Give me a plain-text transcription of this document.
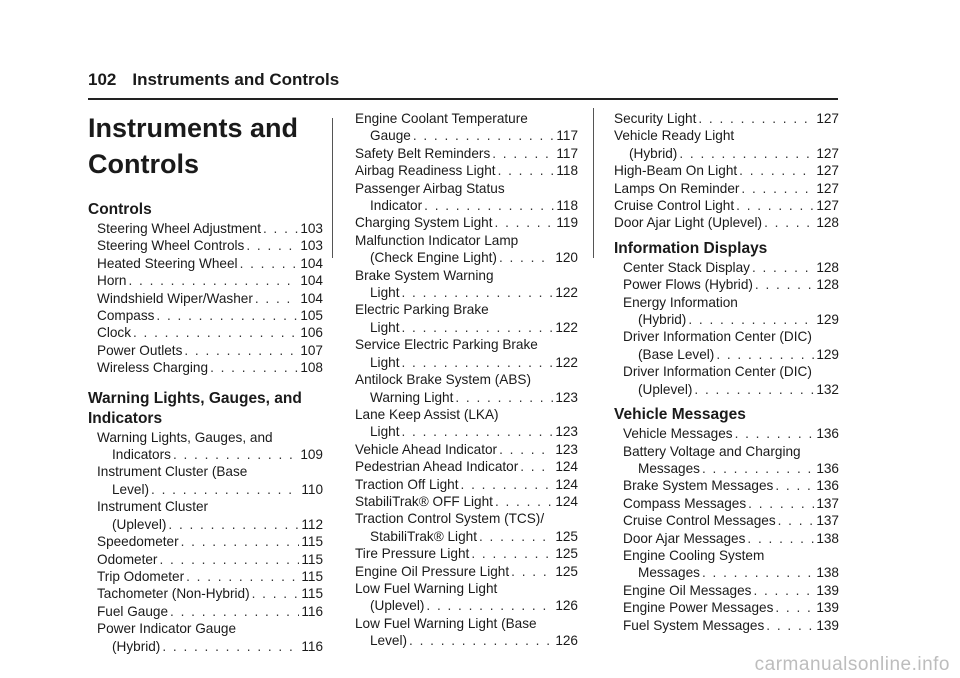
102 Instruments and Controls
Instruments and
Controls
Controls
Steering Wheel Adjustment . . .	103
Steering Wheel Controls . . .	103
Heated Steering Wheel . . .	104
Horn . . .	104
Windshield Wiper/Washer . . .	104
Compass . . .	105
Clock . . .	106
Power Outlets . . .	107
Wireless Charging . . .	108
Warning Lights, Gauges, and
Indicators
Warning Lights, Gauges, and
Indicators . . .	109
Instrument Cluster (Base
Level) . . .	110
Instrument Cluster
(Uplevel) . . .	112
Speedometer . . .	115
Odometer . . .	115
Trip Odometer . . .	115
Tachometer (Non-Hybrid) . . .	115
Fuel Gauge . . .	116
Power Indicator Gauge
(Hybrid) . . .	116
Engine Coolant Temperature
Gauge . . .	117
Safety Belt Reminders . . .	117
Airbag Readiness Light . . .	118
Passenger Airbag Status
Indicator . . .	118
Charging System Light . . .	119
Malfunction Indicator Lamp
(Check Engine Light) . . .	120
Brake System Warning
Light . . .	122
Electric Parking Brake
Light . . .	122
Service Electric Parking Brake
Light . . .	122
Antilock Brake System (ABS)
Warning Light . . .	123
Lane Keep Assist (LKA)
Light . . .	123
Vehicle Ahead Indicator . . .	123
Pedestrian Ahead Indicator . . .	124
Traction Off Light . . .	124
StabiliTrak® OFF Light . . .	124
Traction Control System (TCS)/
StabiliTrak® Light . . .	125
Tire Pressure Light . . .	125
Engine Oil Pressure Light . . .	125
Low Fuel Warning Light
(Uplevel) . . .	126
Low Fuel Warning Light (Base
Level) . . .	126
Security Light . . .	127
Vehicle Ready Light
(Hybrid) . . .	127
High-Beam On Light . . .	127
Lamps On Reminder . . .	127
Cruise Control Light . . .	127
Door Ajar Light (Uplevel) . . .	128
Information Displays
Center Stack Display . . .	128
Power Flows (Hybrid) . . .	128
Energy Information
(Hybrid) . . .	129
Driver Information Center (DIC)
(Base Level) . . .	129
Driver Information Center (DIC)
(Uplevel) . . .	132
Vehicle Messages
Vehicle Messages . . .	136
Battery Voltage and Charging
Messages . . .	136
Brake System Messages . . .	136
Compass Messages . . .	137
Cruise Control Messages . . .	137
Door Ajar Messages . . .	138
Engine Cooling System
Messages . . .	138
Engine Oil Messages . . .	139
Engine Power Messages . . .	139
Fuel System Messages . . .	139
carmanualsonline.info
